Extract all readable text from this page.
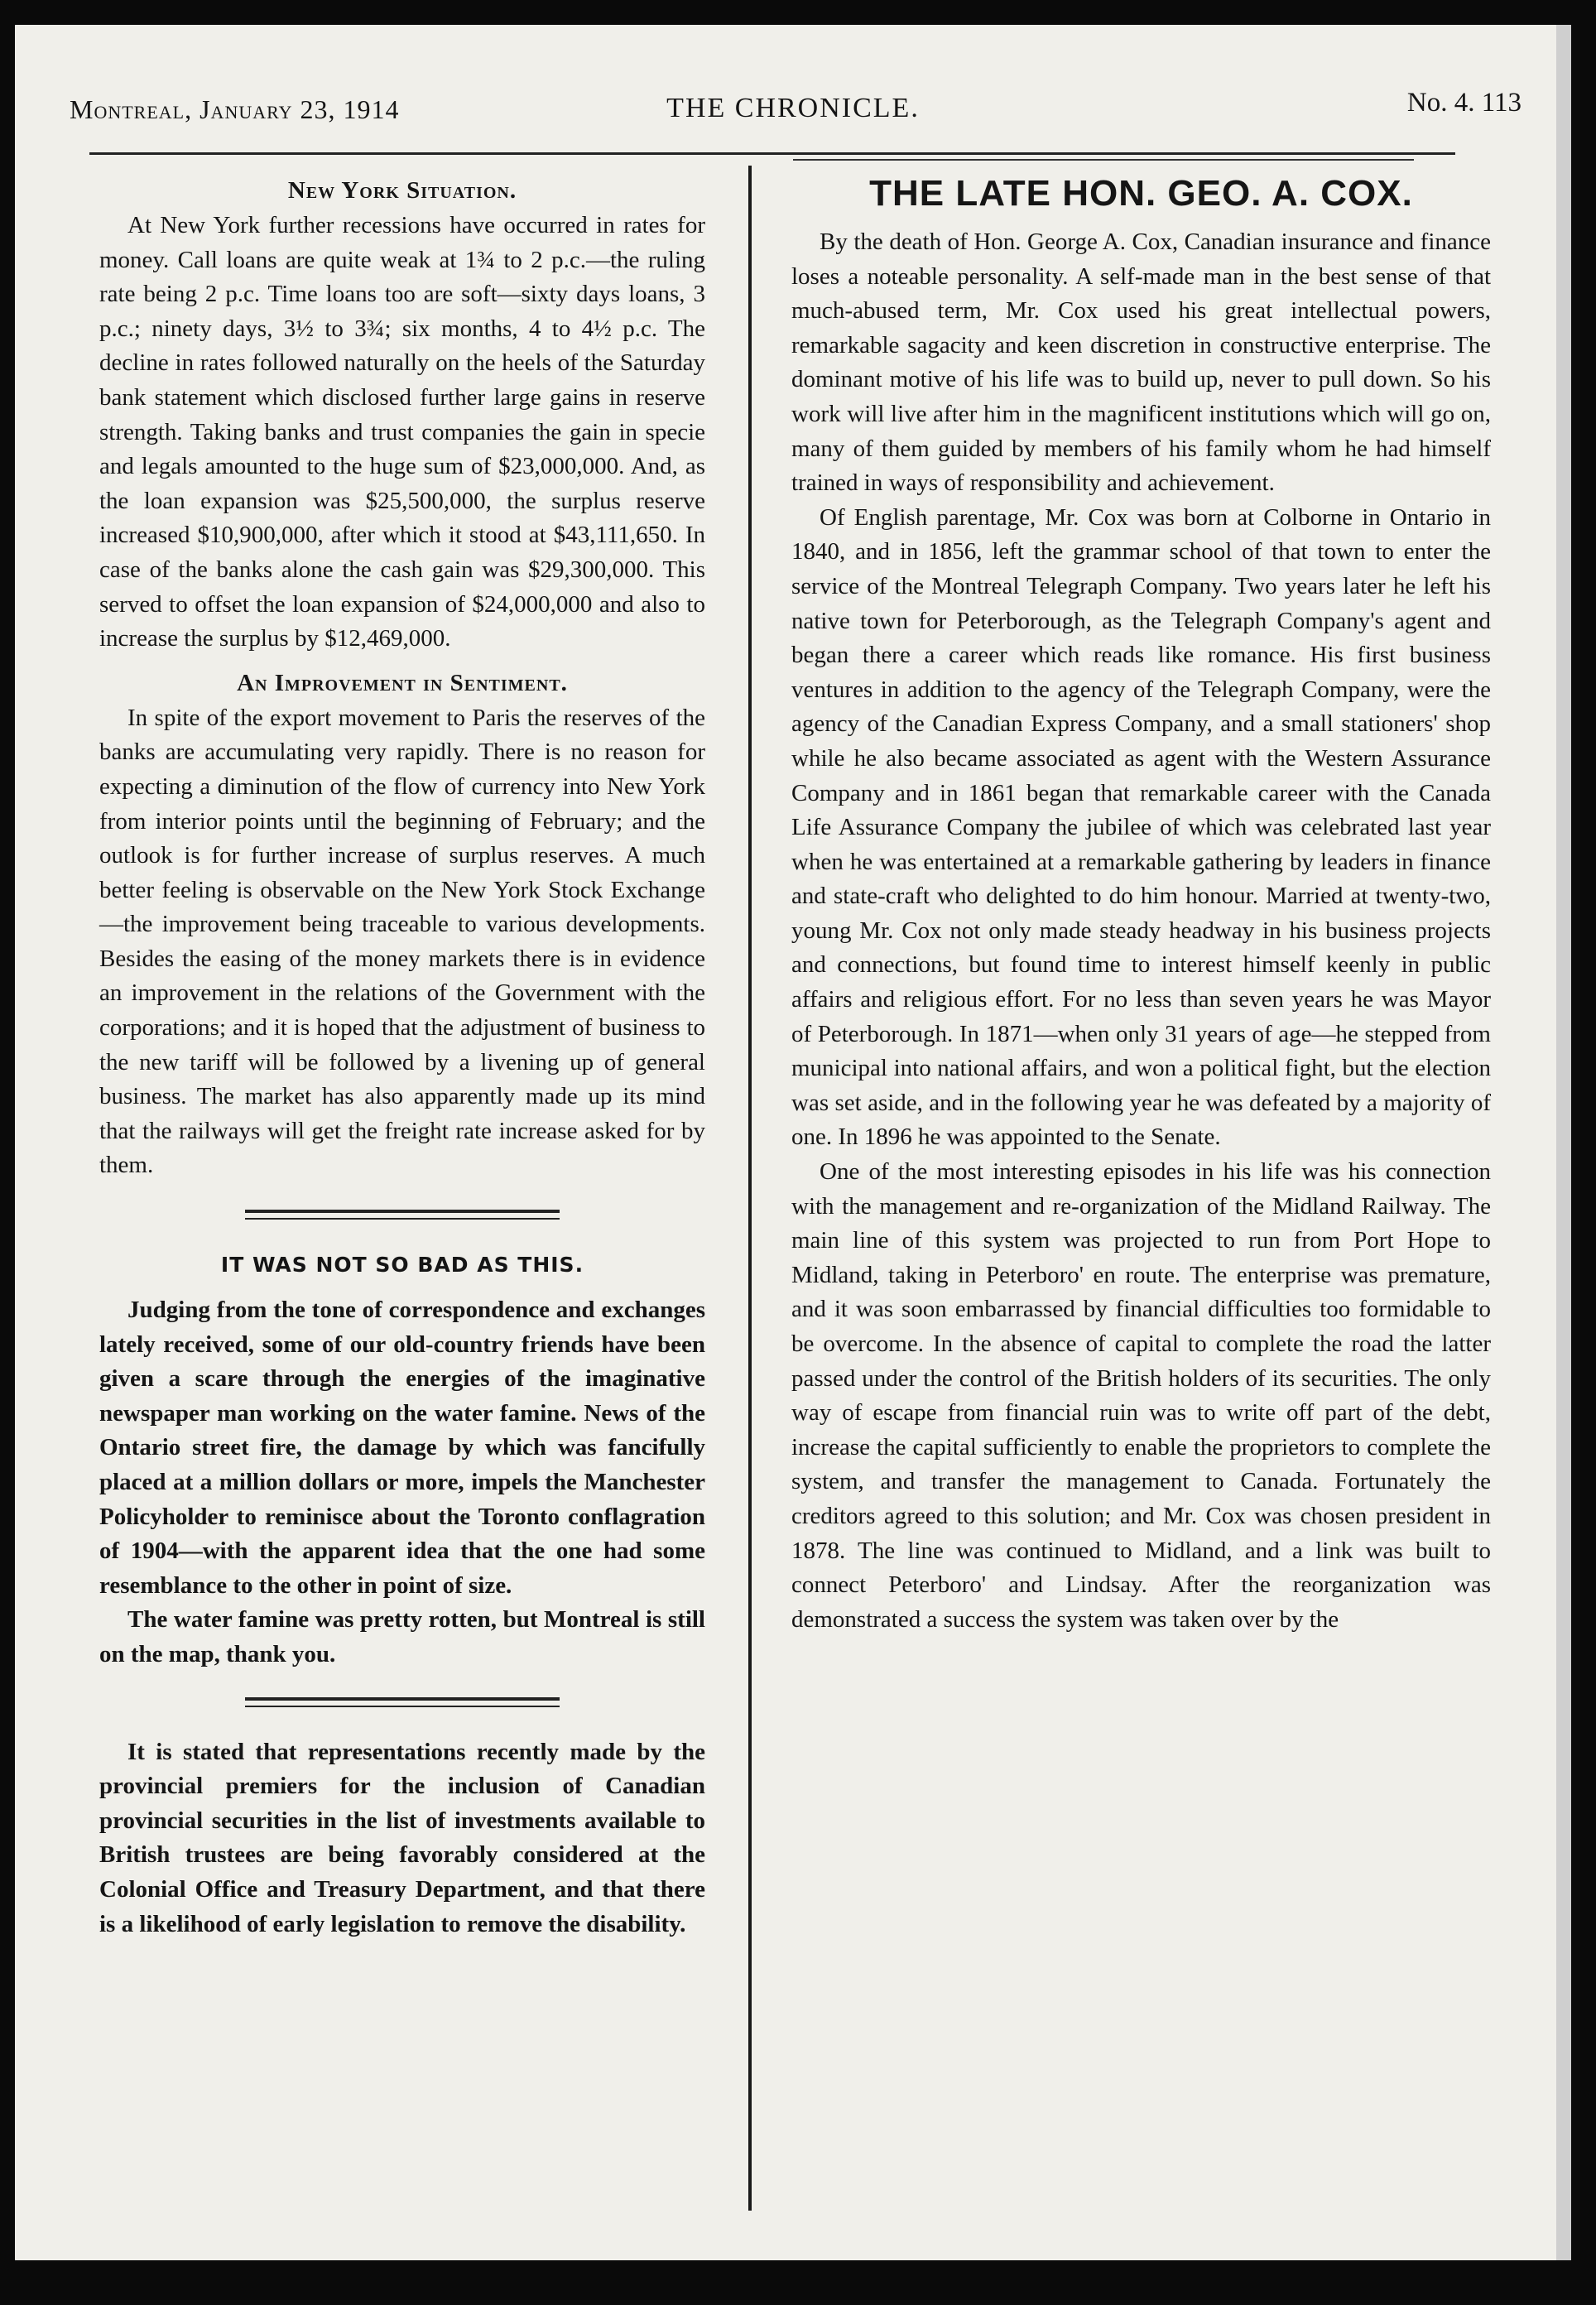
Montreal, January 23, 1914	THE CHRONICLE.	No. 4. 113
New York Situation.

At New York further recessions have occurred in rates for money. Call loans are quite weak at 1¾ to 2 p.c.—the ruling rate being 2 p.c. Time loans too are soft—sixty days loans, 3 p.c.; ninety days, 3½ to 3¾; six months, 4 to 4½ p.c. The decline in rates followed naturally on the heels of the Saturday bank statement which disclosed further large gains in reserve strength. Taking banks and trust companies the gain in specie and legals amounted to the huge sum of $23,000,000. And, as the loan expansion was $25,500,000, the surplus reserve increased $10,900,000, after which it stood at $43,111,650. In case of the banks alone the cash gain was $29,300,000. This served to offset the loan expansion of $24,000,000 and also to increase the surplus by $12,469,000.

An Improvement in Sentiment.

In spite of the export movement to Paris the reserves of the banks are accumulating very rapidly. There is no reason for expecting a diminution of the flow of currency into New York from interior points until the beginning of February; and the outlook is for further increase of surplus reserves. A much better feeling is observable on the New York Stock Exchange—the improvement being traceable to various developments. Besides the easing of the money markets there is in evidence an improvement in the relations of the Government with the corporations; and it is hoped that the adjustment of business to the new tariff will be followed by a livening up of general business. The market has also apparently made up its mind that the railways will get the freight rate increase asked for by them.

IT WAS NOT SO BAD AS THIS.

Judging from the tone of correspondence and exchanges lately received, some of our old-country friends have been given a scare through the energies of the imaginative newspaper man working on the water famine. News of the Ontario street fire, the damage by which was fancifully placed at a million dollars or more, impels the Manchester Policyholder to reminisce about the Toronto conflagration of 1904—with the apparent idea that the one had some resemblance to the other in point of size.

The water famine was pretty rotten, but Montreal is still on the map, thank you.

It is stated that representations recently made by the provincial premiers for the inclusion of Canadian provincial securities in the list of investments available to British trustees are being favorably considered at the Colonial Office and Treasury Department, and that there is a likelihood of early legislation to remove the disability.

THE LATE HON. GEO. A. COX.

By the death of Hon. George A. Cox, Canadian insurance and finance loses a noteable personality. A self-made man in the best sense of that much-abused term, Mr. Cox used his great intellectual powers, remarkable sagacity and keen discretion in constructive enterprise. The dominant motive of his life was to build up, never to pull down. So his work will live after him in the magnificent institutions which will go on, many of them guided by members of his family whom he had himself trained in ways of responsibility and achievement.

Of English parentage, Mr. Cox was born at Colborne in Ontario in 1840, and in 1856, left the grammar school of that town to enter the service of the Montreal Telegraph Company. Two years later he left his native town for Peterborough, as the Telegraph Company's agent and began there a career which reads like romance. His first business ventures in addition to the agency of the Telegraph Company, were the agency of the Canadian Express Company, and a small stationers' shop while he also became associated as agent with the Western Assurance Company and in 1861 began that remarkable career with the Canada Life Assurance Company the jubilee of which was celebrated last year when he was entertained at a remarkable gathering by leaders in finance and state-craft who delighted to do him honour. Married at twenty-two, young Mr. Cox not only made steady headway in his business projects and connections, but found time to interest himself keenly in public affairs and religious effort. For no less than seven years he was Mayor of Peterborough. In 1871—when only 31 years of age—he stepped from municipal into national affairs, and won a political fight, but the election was set aside, and in the following year he was defeated by a majority of one. In 1896 he was appointed to the Senate.

One of the most interesting episodes in his life was his connection with the management and re-organization of the Midland Railway. The main line of this system was projected to run from Port Hope to Midland, taking in Peterboro' en route. The enterprise was premature, and it was soon embarrassed by financial difficulties too formidable to be overcome. In the absence of capital to complete the road the latter passed under the control of the British holders of its securities. The only way of escape from financial ruin was to write off part of the debt, increase the capital sufficiently to enable the proprietors to complete the system, and transfer the management to Canada. Fortunately the creditors agreed to this solution; and Mr. Cox was chosen president in 1878. The line was continued to Midland, and a link was built to connect Peterboro' and Lindsay. After the reorganization was demonstrated a success the system was taken over by the
